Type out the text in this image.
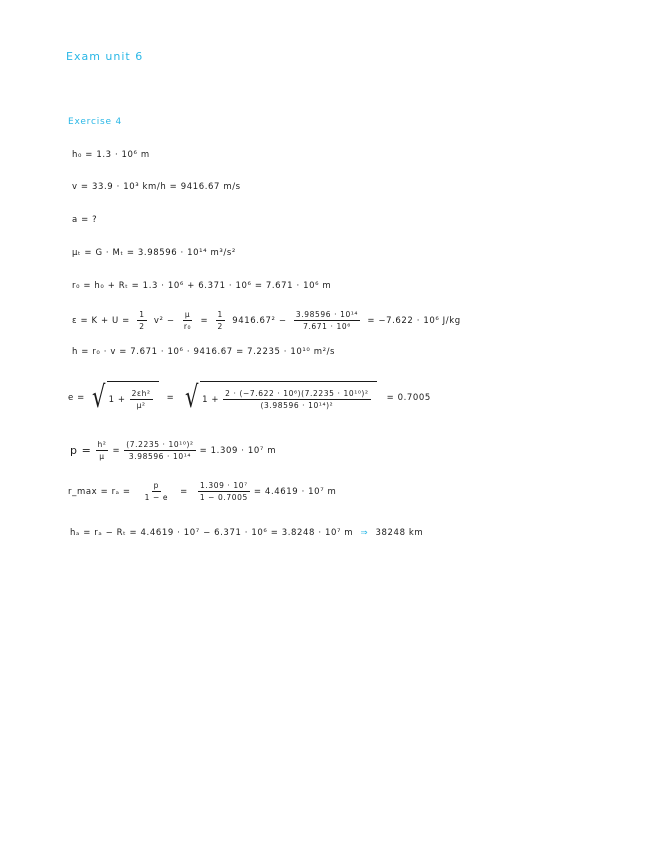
Exam unit 6
Exercise 4
h₀ = 1.3 · 10⁶ m
v = 33.9 · 10³ km/h = 9416.67 m/s
a = ?
μₜ = G · Mₜ = 3.98596 · 10¹⁴ m³/s²
r₀ = h₀ + Rₜ = 1.3 · 10⁶ + 6.371 · 10⁶ = 7.671 · 10⁶ m
$\varepsilon = K + U = \frac{1}{2} v^2 - \frac{\mu}{\text{r₀}} = \frac{1}{2} 9416.67^2 - \frac{\text{3.98596 · 10¹⁴}}{\text{7.671 · 10⁶}} = -7.622 \cdot 10^6$ J/kg
h = r₀ · v = 7.671 · 10⁶ · 9416.67 = 7.2235 · 10¹⁰ m²/s
e = √ $1 + \frac{\text{2εh²}}{\text{μ²}}$ = √ $1 + \frac{\text{2 · (−7.622 · 10⁶)(7.2235 · 10¹⁰)²}}{\text{(3.98596 · 10¹⁴)²}} = 0.7005$
$p = \frac{\text{h²}}{\mu} = \frac{\text{(7.2235 · 10¹⁰)²}}{\text{3.98596 · 10¹⁴}} = 1.309 \cdot 10^7$ m
r_max = $r_a = \frac{p}{1 - e} = \frac{\text{1.309 · 10⁷}}{1 - 0.7005} = 4.4619 \cdot 10^7$ m
hₐ = rₐ − Rₜ = 4.4619 · 10⁷ − 6.371 · 10⁶ = 3.8248 · 10⁷ m ⇒ 38248 km
